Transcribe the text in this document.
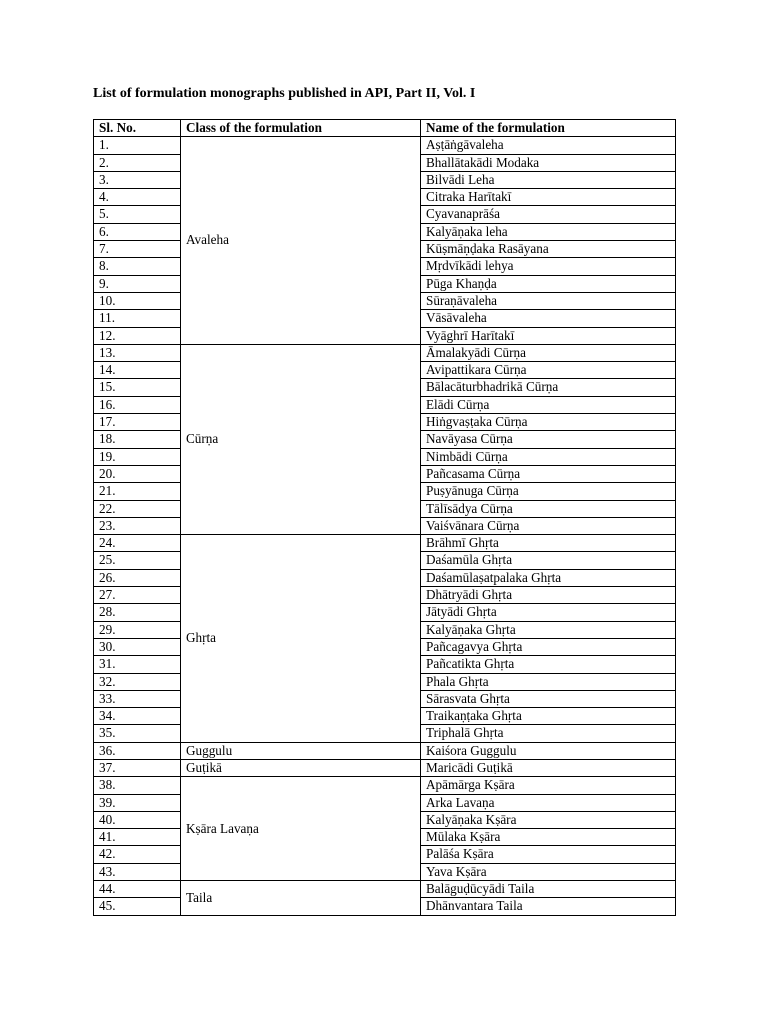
List of formulation monographs published in API, Part II, Vol. I
Sl. No.	Class of the formulation	Name of the formulation
1.	Avaleha	Aṣṭāṅgāvaleha
2.		Bhallātakādi Modaka
3.		Bilvādi Leha
4.		Citraka Harītakī
5.		Cyavanaprāśa
6.		Kalyāṇaka leha
7.		Kūṣmāṇḍaka Rasāyana
8.		Mṛdvīkādi lehya
9.		Pūga Khaṇḍa
10.		Sūraṇāvaleha
11.		Vāsāvaleha
12.		Vyāghrī Harītakī
13.	Cūrṇa	Āmalakyādi Cūrṇa
14.		Avipattikara Cūrṇa
15.		Bālacāturbhadrikā Cūrṇa
16.		Elādi Cūrṇa
17.		Hiṅgvaṣṭaka Cūrṇa
18.		Navāyasa Cūrṇa
19.		Nimbādi Cūrṇa
20.		Pañcasama Cūrṇa
21.		Puṣyānuga Cūrṇa
22.		Tālīsādya Cūrṇa
23.		Vaiśvānara Cūrṇa
24.	Ghṛta	Brāhmī Ghṛta
25.		Daśamūla Ghṛta
26.		Daśamūlaṣatpalaka Ghṛta
27.		Dhātryādi Ghṛta
28.		Jātyādi Ghṛta
29.		Kalyāṇaka Ghṛta
30.		Pañcagavya Ghṛta
31.		Pañcatikta Ghṛta
32.		Phala Ghṛta
33.		Sārasvata Ghṛta
34.		Traikaṇṭaka Ghṛta
35.		Triphalā Ghṛta
36.	Guggulu	Kaiśora Guggulu
37.	Guṭikā	Maricādi Guṭikā
38.	Kṣāra Lavaṇa	Apāmārga Kṣāra
39.		Arka Lavaṇa
40.		Kalyāṇaka Kṣāra
41.		Mūlaka Kṣāra
42.		Palāśa Kṣāra
43.		Yava Kṣāra
44.	Taila	Balāguḍūcyādi Taila
45.		Dhānvantara Taila
